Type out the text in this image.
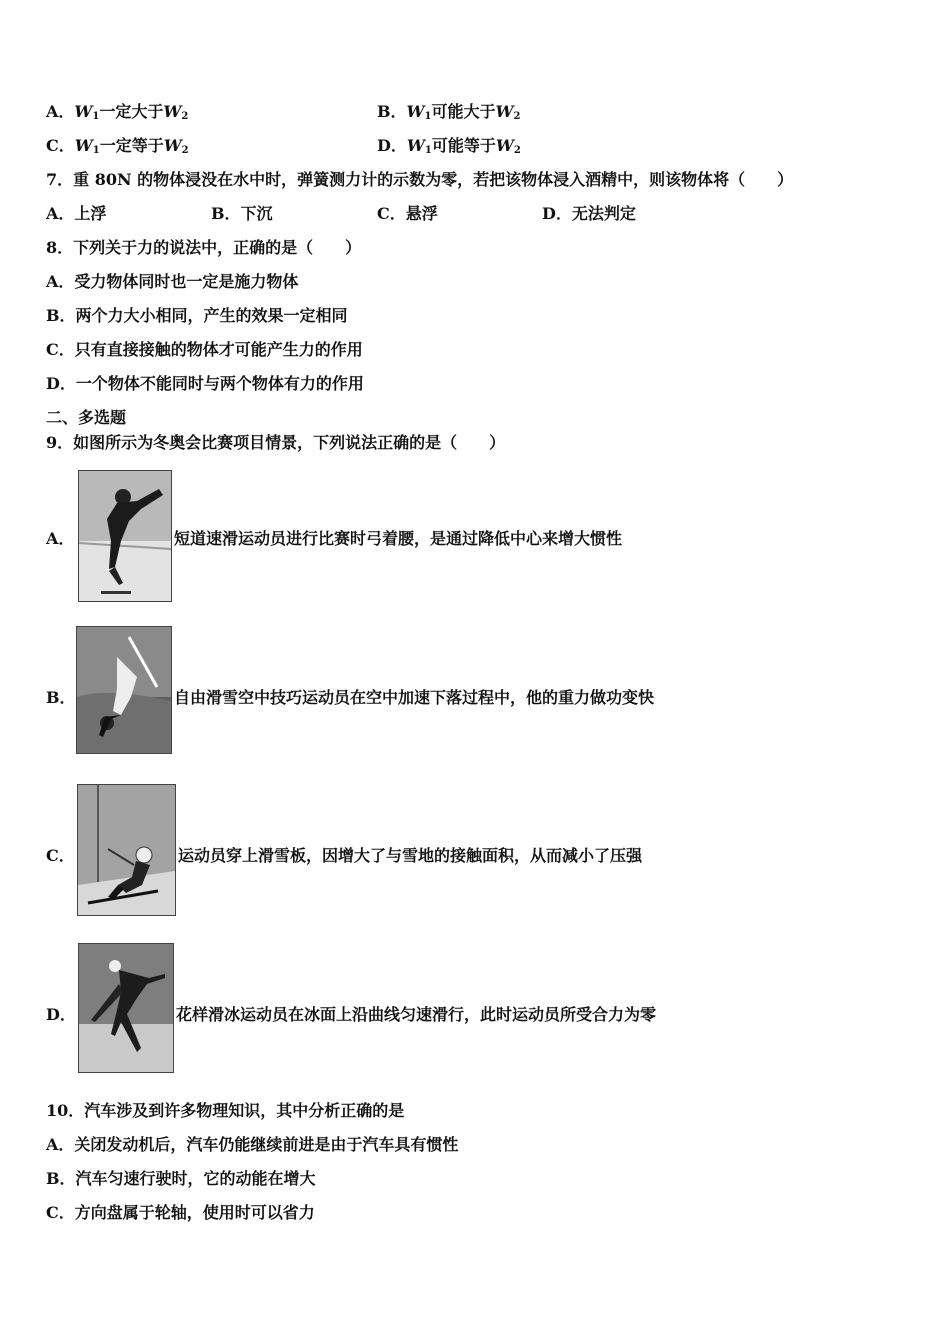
A．$W_1$一定大于$W_2$	B．$W_1$可能大于$W_2$
C．$W_1$一定等于$W_2$	D．$W_1$可能等于$W_2$
7．重 80N 的物体浸没在水中时，弹簧测力计的示数为零，若把该物体浸入酒精中，则该物体将（　　）
A．上浮	B．下沉	C．悬浮	D．无法判定
8．下列关于力的说法中，正确的是（　　）
A．受力物体同时也一定是施力物体
B．两个力大小相同，产生的效果一定相同
C．只有直接接触的物体才可能产生力的作用
D．一个物体不能同时与两个物体有力的作用
二、多选题
9．如图所示为冬奥会比赛项目情景，下列说法正确的是（　　）
A．	短道速滑运动员进行比赛时弓着腰，是通过降低中心来增大惯性
B．	自由滑雪空中技巧运动员在空中加速下落过程中，他的重力做功变快
C．	运动员穿上滑雪板，因增大了与雪地的接触面积，从而减小了压强
D．	花样滑冰运动员在冰面上沿曲线匀速滑行，此时运动员所受合力为零
10．汽车涉及到许多物理知识，其中分析正确的是
A．关闭发动机后，汽车仍能继续前进是由于汽车具有惯性
B．汽车匀速行驶时，它的动能在增大
C．方向盘属于轮轴，使用时可以省力
